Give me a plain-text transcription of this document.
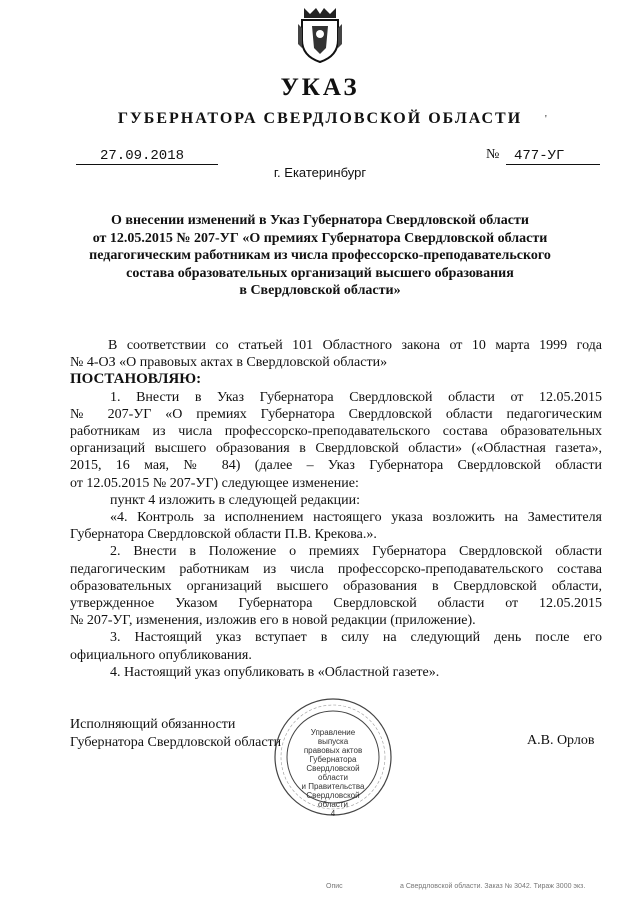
УКАЗ
ГУБЕРНАТОРА СВЕРДЛОВСКОЙ ОБЛАСТИ	'
27.09.2018	№	477-УГ
г. Екатеринбург
О внесении изменений в Указ Губернатора Свердловской области
от 12.05.2015 № 207-УГ «О премиях Губернатора Свердловской области
педагогическим работникам из числа профессорско-преподавательского
состава образовательных организаций высшего образования
в Свердловской области»

В соответствии со статьей 101 Областного закона от 10 марта 1999 года

№ 4-ОЗ «О правовых актах в Свердловской области»

ПОСТАНОВЛЯЮ:

1. Внести в Указ Губернатора Свердловской области от 12.05.2015

№ 207-УГ «О премиях Губернатора Свердловской области педагогическим

работникам из числа профессорско-преподавательского состава образовательных

организаций высшего образования в Свердловской области» («Областная газета»,

2015, 16 мая, № 84) (далее – Указ Губернатора Свердловской области

от 12.05.2015 № 207-УГ) следующее изменение:

пункт 4 изложить в следующей редакции:

«4. Контроль за исполнением настоящего указа возложить на Заместителя

Губернатора Свердловской области П.В. Крекова.».

2. Внести в Положение о премиях Губернатора Свердловской области

педагогическим работникам из числа профессорско-преподавательского состава

образовательных организаций высшего образования в Свердловской области,

утвержденное Указом Губернатора Свердловской области от 12.05.2015

№ 207-УГ, изменения, изложив его в новой редакции (приложение).

3. Настоящий указ вступает в силу на следующий день после его

официального опубликования.

4. Настоящий указ опубликовать в «Областной газете».

Исполняющий обязанности
Губернатора Свердловской области	А.В. Орлов
Управление
выпуска
правовых актов
Губернатора
Свердловской области
и Правительства
Свердловской
области
4
Опис	а Свердловской области. Заказ № 3042. Тираж 3000 экз.
